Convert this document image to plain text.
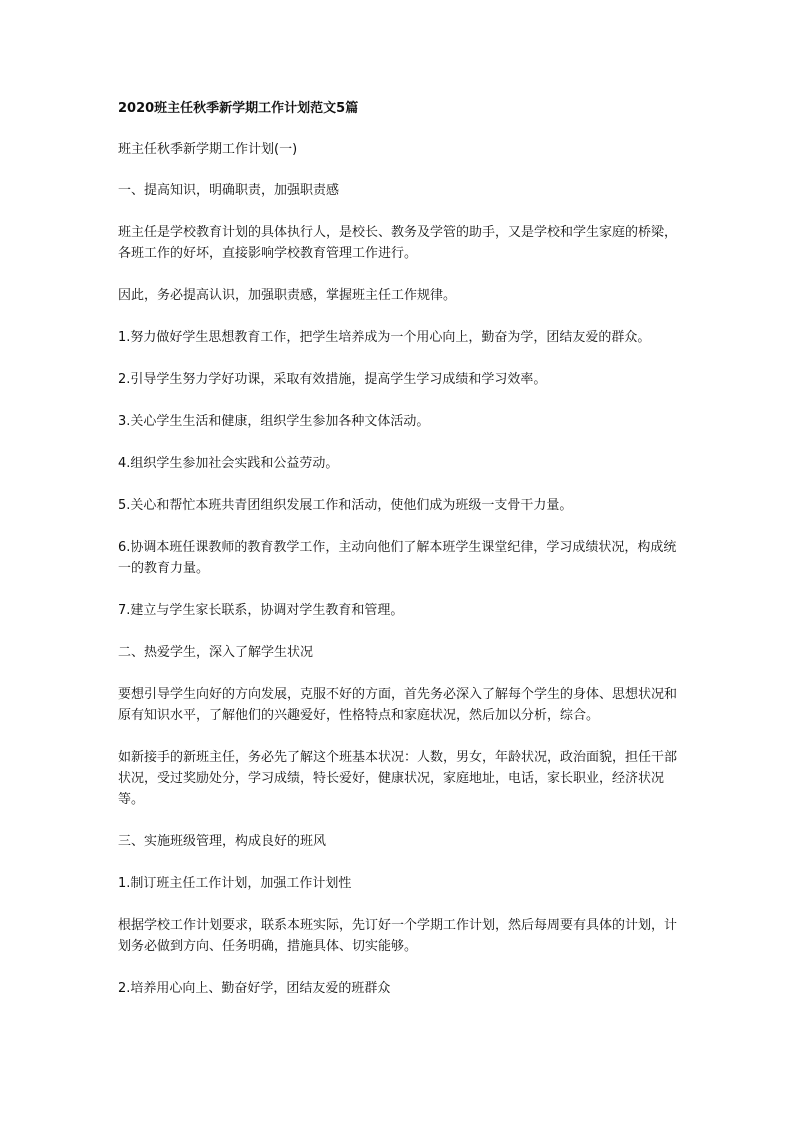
2020班主任秋季新学期工作计划范文5篇

班主任秋季新学期工作计划(一)

一、提高知识，明确职责，加强职责感

班主任是学校教育计划的具体执行人，是校长、教务及学管的助手，又是学校和学生家庭的桥梁，各班工作的好坏，直接影响学校教育管理工作进行。

因此，务必提高认识，加强职责感，掌握班主任工作规律。

1.努力做好学生思想教育工作，把学生培养成为一个用心向上，勤奋为学，团结友爱的群众。

2.引导学生努力学好功课，采取有效措施，提高学生学习成绩和学习效率。

3.关心学生生活和健康，组织学生参加各种文体活动。

4.组织学生参加社会实践和公益劳动。

5.关心和帮忙本班共青团组织发展工作和活动，使他们成为班级一支骨干力量。

6.协调本班任课教师的教育教学工作，主动向他们了解本班学生课堂纪律，学习成绩状况，构成统一的教育力量。

7.建立与学生家长联系，协调对学生教育和管理。

二、热爱学生，深入了解学生状况

要想引导学生向好的方向发展，克服不好的方面，首先务必深入了解每个学生的身体、思想状况和原有知识水平，了解他们的兴趣爱好，性格特点和家庭状况，然后加以分析，综合。

如新接手的新班主任，务必先了解这个班基本状况：人数，男女，年龄状况，政治面貌，担任干部状况，受过奖励处分，学习成绩，特长爱好，健康状况，家庭地址，电话，家长职业，经济状况等。

三、实施班级管理，构成良好的班风

1.制订班主任工作计划，加强工作计划性

根据学校工作计划要求，联系本班实际，先订好一个学期工作计划，然后每周要有具体的计划，计划务必做到方向、任务明确，措施具体、切实能够。

2.培养用心向上、勤奋好学，团结友爱的班群众
